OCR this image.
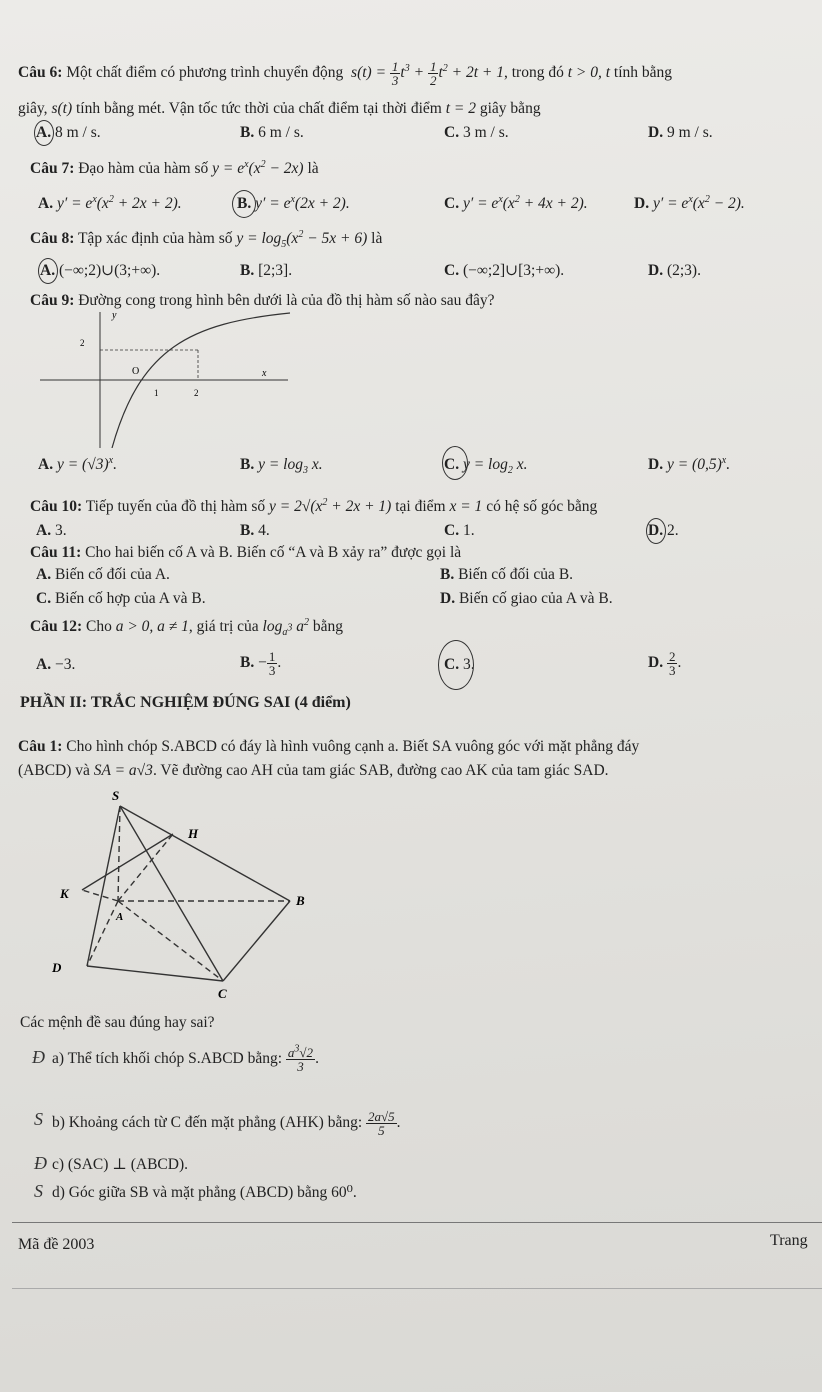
Câu 6: Một chất điểm có phương trình chuyển động  $s(t) = \frac{1}{3} t^3 + \frac{1}{2} t^2 + 2t + 1$, trong đó t > 0, t tính bằng
giây, s(t) tính bằng mét. Vận tốc tức thời của chất điểm tại thời điểm t = 2 giây bằng
A. 8 m / s.	B. 6 m / s.	C. 3 m / s.	D. 9 m / s.
Câu 7: Đạo hàm của hàm số $y = e^x(x^2 - 2x)$ là
A. $y' = e^x(x^2 + 2x + 2)$.	B. $y' = e^x(2x + 2)$.	C. $y' = e^x(x^2 + 4x + 2)$.	D. $y' = e^x(x^2 - 2)$.
Câu 8: Tập xác định của hàm số $y = \log_5(x^2 - 5x + 6)$ là
A. (−∞;2)∪(3;+∞).	B. [2;3].	C. (−∞;2]∪[3;+∞).	D. (2;3).
Câu 9: Đường cong trong hình bên dưới là của đồ thị hàm số nào sau đây?
y
x
O
1	2
2
A. $y = (√3)^x$.	B. $y = \log_3 x$.	C. $y = \log_2 x$.	D. $y = (0,5)^x$.
Câu 10: Tiếp tuyến của đồ thị hàm số $y = 2√(x^2 + 2x + 1)$ tại điểm x = 1 có hệ số góc bằng
A. 3.	B. 4.	C. 1.	D. 2.
Câu 11: Cho hai biến cố A và B. Biến cố “A và B xảy ra” được gọi là
A. Biến cố đối của A.	B. Biến cố đối của B.
C. Biến cố hợp của A và B.	D. Biến cố giao của A và B.
Câu 12: Cho a > 0, a ≠ 1, giá trị của $\log_{a^3} a^2$ bằng
A. −3.	B. − $\frac{1}{3}$ .	C. 3.	D. $\frac{2}{3}$ .
PHẦN II: TRẮC NGHIỆM ĐÚNG SAI (4 điểm)
Câu 1: Cho hình chóp S.ABCD có đáy là hình vuông cạnh a. Biết SA vuông góc với mặt phẳng đáy
(ABCD) và SA = a√3. Vẽ đường cao AH của tam giác SAB, đường cao AK của tam giác SAD.
S
H
K
A
B
C
D
Các mệnh đề sau đúng hay sai?
a) Thể tích khối chóp S.ABCD bằng: $\frac{a^3√2}{3}$ .
b) Khoảng cách từ C đến mặt phẳng (AHK) bằng: $\frac{2a√5}{5}$ .
c) (SAC) ⊥ (ABCD).
d) Góc giữa SB và mặt phẳng (ABCD) bằng 60⁰.
Đ
S
Đ
S
Mã đề 2003	Trang
